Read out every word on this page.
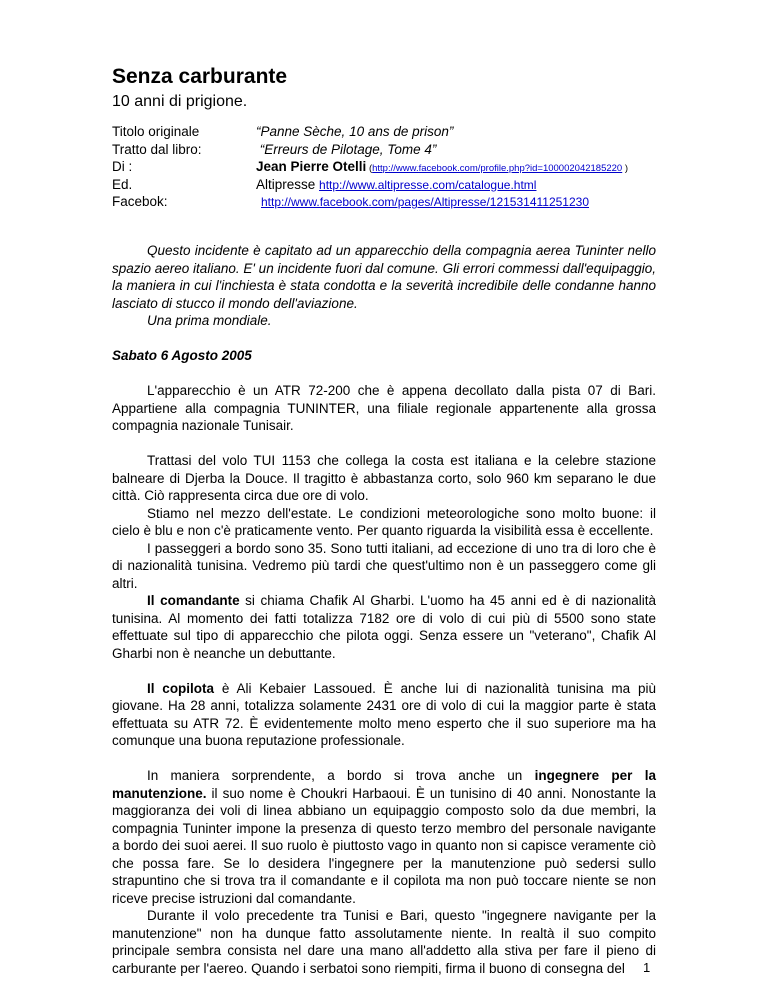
Senza carburante
10 anni di prigione.
Titolo originale	“Panne Sèche, 10 ans de prison”
Tratto dal libro:	“Erreurs de Pilotage, Tome 4”
Di :	Jean Pierre Otelli (http://www.facebook.com/profile.php?id=100002042185220 )
Ed.	Altipresse http://www.altipresse.com/catalogue.html
Facebok:	http://www.facebook.com/pages/Altipresse/121531411251230

Questo incidente è capitato ad un apparecchio della compagnia aerea Tuninter nello spazio aereo italiano. E' un incidente fuori dal comune. Gli errori commessi dall'equipaggio, la maniera in cui l'inchiesta è stata condotta e la severità incredibile delle condanne hanno lasciato di stucco il mondo dell'aviazione.

Una prima mondiale.

Sabato 6 Agosto 2005

L'apparecchio è un ATR 72-200 che è appena decollato dalla pista 07 di Bari. Appartiene alla compagnia TUNINTER, una filiale regionale appartenente alla grossa compagnia nazionale Tunisair.

Trattasi del volo TUI 1153 che collega la costa est italiana e la celebre stazione balneare di Djerba la Douce. Il tragitto è abbastanza corto, solo 960 km separano le due città. Ciò rappresenta circa due ore di volo.

Stiamo nel mezzo dell'estate. Le condizioni meteorologiche sono molto buone: il cielo è blu e non c'è praticamente vento. Per quanto riguarda la visibilità essa è eccellente.

I passeggeri a bordo sono 35. Sono tutti italiani, ad eccezione di uno tra di loro che è di nazionalità tunisina. Vedremo più tardi che quest'ultimo non è un passeggero come gli altri.

Il comandante si chiama Chafik Al Gharbi. L'uomo ha 45 anni ed è di nazionalità tunisina. Al momento dei fatti totalizza 7182 ore di volo di cui più di 5500 sono state effettuate sul tipo di apparecchio che pilota oggi. Senza essere un "veterano", Chafik Al Gharbi non è neanche un debuttante.

Il copilota è Ali Kebaier Lassoued. È anche lui di nazionalità tunisina ma più giovane. Ha 28 anni, totalizza solamente 2431 ore di volo di cui la maggior parte è stata effettuata su ATR 72. È evidentemente molto meno esperto che il suo superiore ma ha comunque una buona reputazione professionale.

In maniera sorprendente, a bordo si trova anche un ingegnere per la manutenzione. il suo nome è Choukri Harbaoui. È un tunisino di 40 anni. Nonostante la maggioranza dei voli di linea abbiano un equipaggio composto solo da due membri, la compagnia Tuninter impone la presenza di questo terzo membro del personale navigante a bordo dei suoi aerei. Il suo ruolo è piuttosto vago in quanto non si capisce veramente ciò che possa fare. Se lo desidera l'ingegnere per la manutenzione può sedersi sullo strapuntino che si trova tra il comandante e il copilota ma non può toccare niente se non riceve precise istruzioni dal comandante.

Durante il volo precedente tra Tunisi e Bari, questo "ingegnere navigante per la manutenzione" non ha dunque fatto assolutamente niente. In realtà il suo compito principale sembra consista nel dare una mano all'addetto alla stiva per fare il pieno di carburante per l'aereo. Quando i serbatoi sono riempiti, firma il buono di consegna del	1
